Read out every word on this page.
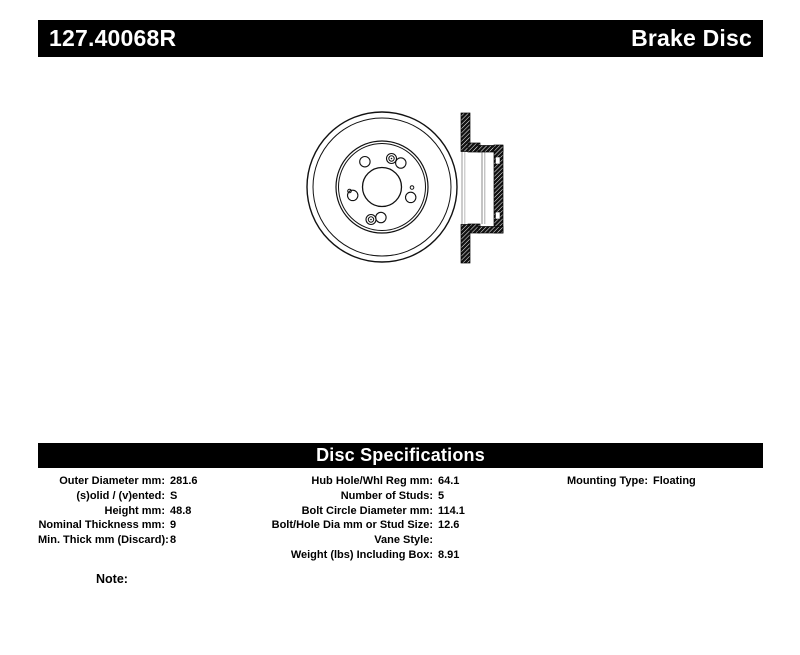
127.40068R	Brake Disc
Disc Specifications
Outer Diameter mm: 281.6
(s)olid / (v)ented: S
Height mm: 48.8
Nominal Thickness mm: 9
Min. Thick mm (Discard): 8
Hub Hole/Whl Reg mm: 64.1
Number of Studs: 5
Bolt Circle Diameter mm: 114.1
Bolt/Hole Dia mm or Stud Size: 12.6
Vane Style:
Weight (lbs) Including Box: 8.91
Mounting Type: Floating
Note:
